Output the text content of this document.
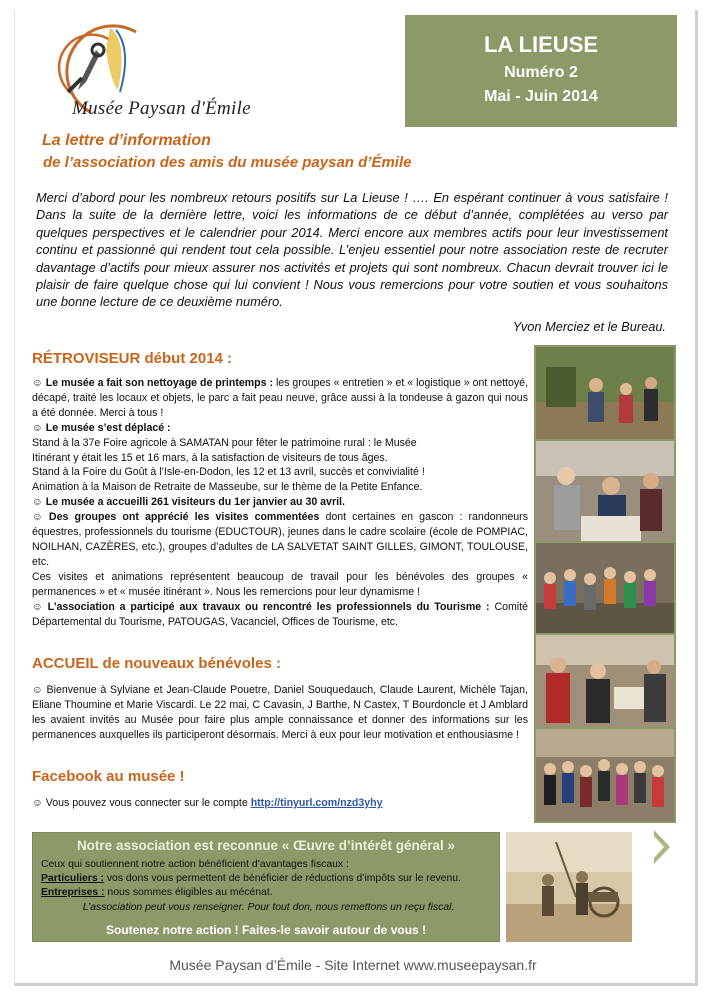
Musée Paysan d'Émile
LA LIEUSE
Numéro 2
Mai - Juin 2014
La lettre d’information
de l’association des amis du musée paysan d’Émile
Merci d’abord pour les nombreux retours positifs sur La Lieuse ! …. En espérant continuer à vous satisfaire ! Dans la suite de la dernière lettre, voici les informations de ce début d’année, complétées au verso par quelques perspectives et le calendrier pour 2014. Merci encore aux membres actifs pour leur investissement continu et passionné qui rendent tout cela possible. L’enjeu essentiel pour notre association reste de recruter davantage d’actifs pour mieux assurer nos activités et projets qui sont nombreux. Chacun devrait trouver ici le plaisir de faire quelque chose qui lui convient ! Nous vous remercions pour votre soutien et vous souhaitons une bonne lecture de ce deuxième numéro.
Yvon Merciez et le Bureau.
RÉTROVISEUR début 2014 :

☺ Le musée a fait son nettoyage de printemps : les groupes « entretien » et « logistique » ont nettoyé, décapé, traité les locaux et objets, le parc a fait peau neuve, grâce aussi à la tondeuse à gazon qui nous a été donnée. Merci à tous !

☺ Le musée s’est déplacé :

Stand à la 37e Foire agricole à SAMATAN pour fêter le patrimoine rural : le Musée

Itinérant y était les 15 et 16 mars, à la satisfaction de visiteurs de tous âges.

Stand à la Foire du Goût à l’Isle-en-Dodon, les 12 et 13 avril, succès et convivialité !

Animation à la Maison de Retraite de Masseube, sur le thème de la Petite Enfance.

☺ Le musée a accueilli 261 visiteurs du 1er janvier au 30 avril.

☺ Des groupes ont apprécié les visites commentées dont certaines en gascon : randonneurs équestres, professionnels du tourisme (EDUCTOUR), jeunes dans le cadre scolaire (école de POMPIAC, NOILHAN, CAZÈRES, etc.), groupes d’adultes de LA SALVETAT SAINT GILLES, GIMONT, TOULOUSE, etc.

Ces visites et animations représentent beaucoup de travail pour les bénévoles des groupes « permanences » et « musée itinérant ». Nous les remercions pour leur dynamisme !

☺ L’association a participé aux travaux ou rencontré les professionnels du Tourisme : Comité Départemental du Tourisme, PATOUGAS, Vacanciel, Offices de Tourisme, etc.

ACCUEIL de nouveaux bénévoles :
☺ Bienvenue à Sylviane et Jean-Claude Pouetre, Daniel Souquedauch, Claude Laurent, Michèle Tajan, Eliane Thoumine et Marie Viscardi. Le 22 mai, C Cavasin, J Barthe, N Castex, T Bourdoncle et J Amblard les avaient invités au Musée pour faire plus ample connaissance et donner des informations sur les permanences auxquelles ils participeront désormais. Merci à eux pour leur motivation et enthousiasme !
Facebook au musée !
☺ Vous pouvez vous connecter sur le compte http://tinyurl.com/nzd3yhy
Notre association est reconnue « Œuvre d’intérêt général »
Ceux qui soutiennent notre action bénéficient d’avantages fiscaux :
Particuliers : vos dons vous permettent de bénéficier de réductions d’impôts sur le revenu.
Entreprises : nous sommes éligibles au mécénat.
L’association peut vous renseigner. Pour tout don, nous remettons un reçu fiscal.
Soutenez notre action ! Faites-le savoir autour de vous !
Musée Paysan d’Émile - Site Internet www.museepaysan.fr
